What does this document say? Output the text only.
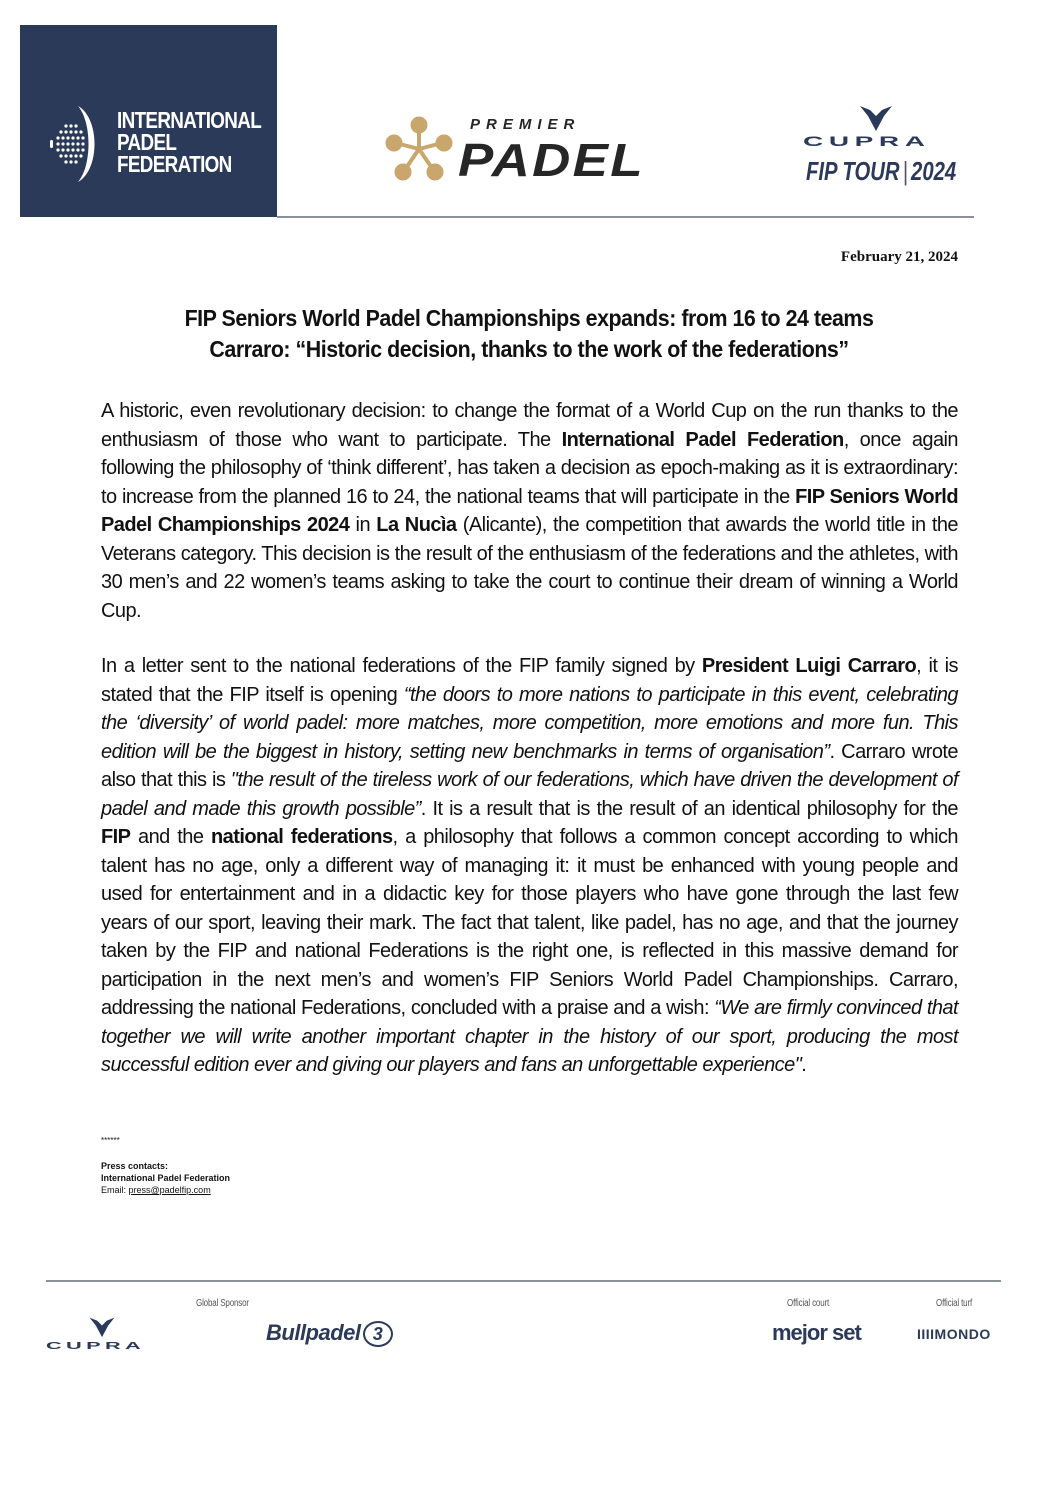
INTERNATIONAL
PADEL
FEDERATION
PREMIER
PADEL	CUPRA
FIP TOUR | 2024
February 21, 2024
FIP Seniors World Padel Championships expands: from 16 to 24 teams
Carraro: “Historic decision, thanks to the work of the federations”
A historic, even revolutionary decision: to change the format of a World Cup on the run thanks to the enthusiasm of those who want to participate. The International Padel Federation, once again following the philosophy of ‘think different’, has taken a decision as epoch-making as it is extraordinary: to increase from the planned 16 to 24, the national teams that will participate in the FIP Seniors World Padel Championships 2024 in La Nucìa (Alicante), the competition that awards the world title in the Veterans category. This decision is the result of the enthusiasm of the federations and the athletes, with 30 men’s and 22 women’s teams asking to take the court to continue their dream of winning a World Cup.
In a letter sent to the national federations of the FIP family signed by President Luigi Carraro, it is stated that the FIP itself is opening “the doors to more nations to participate in this event, celebrating the ‘diversity’ of world padel: more matches, more competition, more emotions and more fun. This edition will be the biggest in history, setting new benchmarks in terms of organisation”. Carraro wrote also that this is "the result of the tireless work of our federations, which have driven the development of padel and made this growth possible”. It is a result that is the result of an identical philosophy for the FIP and the national federations, a philosophy that follows a common concept according to which talent has no age, only a different way of managing it: it must be enhanced with young people and used for entertainment and in a didactic key for those players who have gone through the last few years of our sport, leaving their mark. The fact that talent, like padel, has no age, and that the journey taken by the FIP and national Federations is the right one, is reflected in this massive demand for participation in the next men’s and women’s FIP Seniors World Padel Championships. Carraro, addressing the national Federations, concluded with a praise and a wish: “We are firmly convinced that together we will write another important chapter in the history of our sport, producing the most successful edition ever and giving our players and fans an unforgettable experience".
******
Press contacts:
International Padel Federation
Email: press@padelfip.com
Global Sponsor
CUPRA
Bullpadel 3
Official court
mejor set
Official turf
IIIIMONDO
